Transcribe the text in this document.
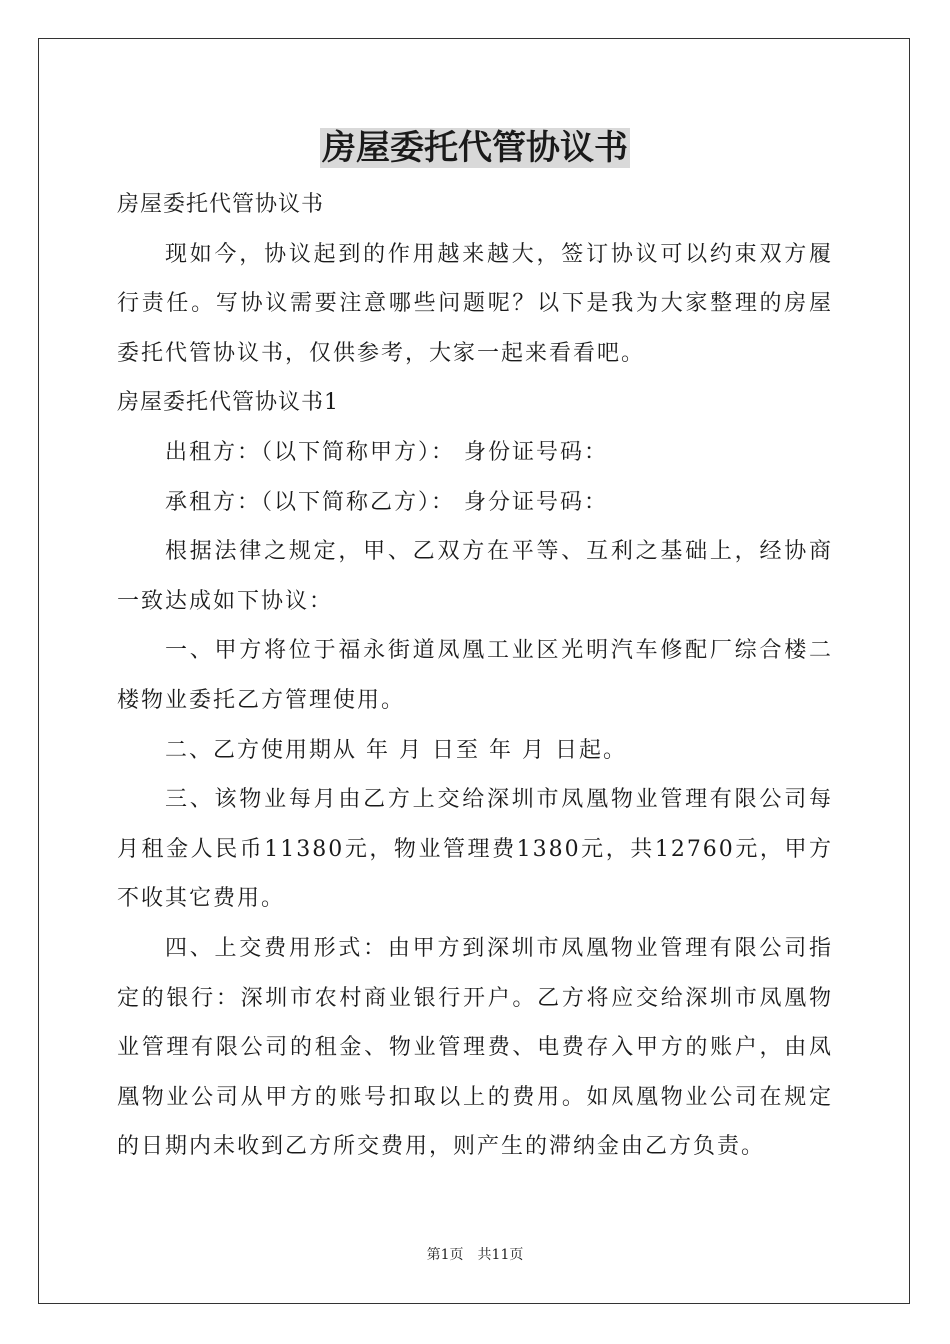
房屋委托代管协议书

房屋委托代管协议书

现如今，协议起到的作用越来越大，签订协议可以约束双方履行责任。写协议需要注意哪些问题呢？以下是我为大家整理的房屋委托代管协议书，仅供参考，大家一起来看看吧。

房屋委托代管协议书1

出租方：（以下简称甲方）： 身份证号码：

承租方：（以下简称乙方）： 身分证号码：

根据法律之规定，甲、乙双方在平等、互利之基础上，经协商一致达成如下协议：

一、甲方将位于福永街道凤凰工业区光明汽车修配厂综合楼二楼物业委托乙方管理使用。

二、乙方使用期从 年 月 日至 年 月 日起。

三、该物业每月由乙方上交给深圳市凤凰物业管理有限公司每月租金人民币11380元，物业管理费1380元，共12760元，甲方不收其它费用。

四、上交费用形式：由甲方到深圳市凤凰物业管理有限公司指定的银行：深圳市农村商业银行开户。乙方将应交给深圳市凤凰物业管理有限公司的租金、物业管理费、电费存入甲方的账户，由凤凰物业公司从甲方的账号扣取以上的费用。如凤凰物业公司在规定的日期内未收到乙方所交费用，则产生的滞纳金由乙方负责。

第1页　共11页
